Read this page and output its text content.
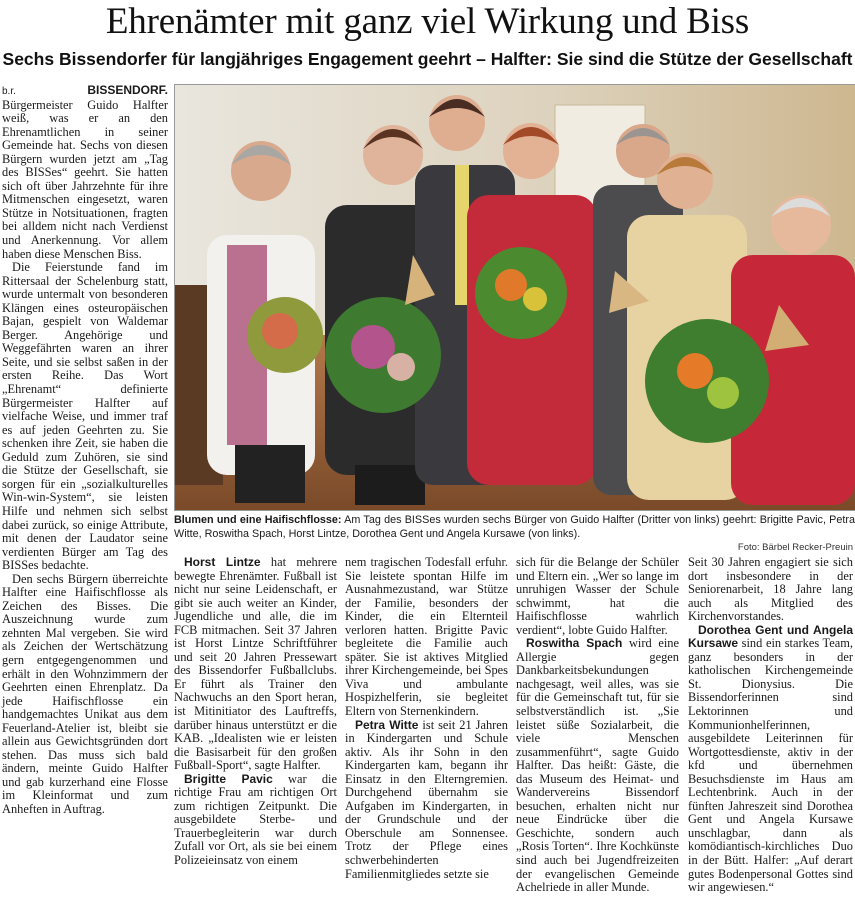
Ehrenämter mit ganz viel Wirkung und Biss
Sechs Bissendorfer für langjähriges Engagement geehrt – Halfter: Sie sind die Stütze der Gesellschaft

b.r.	BISSENDORF. Bürgermeister Guido Halfter weiß, was er an den Ehrenamtlichen in seiner Gemeinde hat. Sechs von diesen Bürgern wurden jetzt am „Tag des BISSes“ geehrt. Sie hatten sich oft über Jahrzehnte für ihre Mitmenschen eingesetzt, waren Stütze in Notsituationen, fragten bei alldem nicht nach Verdienst und Anerkennung. Vor allem haben diese Menschen Biss.

Die Feierstunde fand im Rittersaal der Schelenburg statt, wurde untermalt von besonderen Klängen eines osteuropäischen Bajan, gespielt von Waldemar Berger. Angehörige und Weggefährten waren an ihrer Seite, und sie selbst saßen in der ersten Reihe. Das Wort „Ehrenamt“ definierte Bürgermeister Halfter auf vielfache Weise, und immer traf es auf jeden Geehrten zu. Sie schenken ihre Zeit, sie haben die Geduld zum Zuhören, sie sind die Stütze der Gesellschaft, sie sorgen für ein „sozialkulturelles Win-win-System“, sie leisten Hilfe und nehmen sich selbst dabei zurück, so einige Attribute, mit denen der Laudator seine verdienten Bürger am Tag des BISSes bedachte.

Den sechs Bürgern überreichte Halfter eine Haifischflosse als Zeichen des Bisses. Die Auszeichnung wurde zum zehnten Mal vergeben. Sie wird als Zeichen der Wertschätzung gern entgegengenommen und erhält in den Wohnzimmern der Geehrten einen Ehrenplatz. Da jede Haifischflosse ein handgemachtes Unikat aus dem Feuerland-Atelier ist, bleibt sie allein aus Gewichtsgründen dort stehen. Das muss sich bald ändern, meinte Guido Halfter und gab kurzerhand eine Flosse im Kleinformat und zum Anheften in Auftrag.

Blumen und eine Haifischflosse: Am Tag des BISSes wurden sechs Bürger von Guido Halfter (Dritter von links) geehrt: Brigitte Pavic, Petra Witte, Roswitha Spach, Horst Lintze, Dorothea Gent und Angela Kursawe (von links).
Foto: Bärbel Recker-Preuin

Horst Lintze hat mehrere bewegte Ehrenämter. Fußball ist nicht nur seine Leidenschaft, er gibt sie auch weiter an Kinder, Jugendliche und alle, die im FCB mitmachen. Seit 37 Jahren ist Horst Lintze Schriftführer und seit 20 Jahren Pressewart des Bissendorfer Fußballclubs. Er führt als Trainer den Nachwuchs an den Sport heran, ist Mitinitiator des Lauftreffs, darüber hinaus unterstützt er die KAB. „Idealisten wie er leisten die Basisarbeit für den großen Fußball-Sport“, sagte Halfter.

Brigitte Pavic war die richtige Frau am richtigen Ort zum richtigen Zeitpunkt. Die ausgebildete Sterbe- und Trauerbegleiterin war durch Zufall vor Ort, als sie bei einem Polizeieinsatz von einem

nem tragischen Todesfall erfuhr. Sie leistete spontan Hilfe im Ausnahmezustand, war Stütze der Familie, besonders der Kinder, die ein Elternteil verloren hatten. Brigitte Pavic begleitete die Familie auch später. Sie ist aktives Mitglied ihrer Kirchengemeinde, bei Spes Viva und ambulante Hospizhelferin, sie begleitet Eltern von Sternenkindern.

Petra Witte ist seit 21 Jahren in Kindergarten und Schule aktiv. Als ihr Sohn in den Kindergarten kam, begann ihr Einsatz in den Elterngremien. Durchgehend übernahm sie Aufgaben im Kindergarten, in der Grundschule und der Oberschule am Sonnensee. Trotz der Pflege eines schwerbehinderten Familienmitgliedes setzte sie

sich für die Belange der Schüler und Eltern ein. „Wer so lange im unruhigen Wasser der Schule schwimmt, hat die Haifischflosse wahrlich verdient“, lobte Guido Halfter.

Roswitha Spach wird eine Allergie gegen Dankbarkeitsbekundungen nachgesagt, weil alles, was sie für die Gemeinschaft tut, für sie selbstverständlich ist. „Sie leistet süße Sozialarbeit, die viele Menschen zusammenführt“, sagte Guido Halfter. Das heißt: Gäste, die das Museum des Heimat- und Wandervereins Bissendorf besuchen, erhalten nicht nur neue Eindrücke über die Geschichte, sondern auch „Rosis Torten“. Ihre Kochkünste sind auch bei Jugendfreizeiten der evangelischen Gemeinde Achelriede in aller Munde.

Seit 30 Jahren engagiert sie sich dort insbesondere in der Seniorenarbeit, 18 Jahre lang auch als Mitglied des Kirchenvorstandes.

Dorothea Gent und Angela Kursawe sind ein starkes Team, ganz besonders in der katholischen Kirchengemeinde St. Dionysius. Die Bissendorferinnen sind Lektorinnen und Kommunionhelferinnen, ausgebildete Leiterinnen für Wortgottesdienste, aktiv in der kfd und übernehmen Besuchsdienste im Haus am Lechtenbrink. Auch in der fünften Jahreszeit sind Dorothea Gent und Angela Kursawe unschlagbar, dann als komödiantisch-kirchliches Duo in der Bütt. Halfer: „Auf derart gutes Bodenpersonal Gottes sind wir angewiesen.“
